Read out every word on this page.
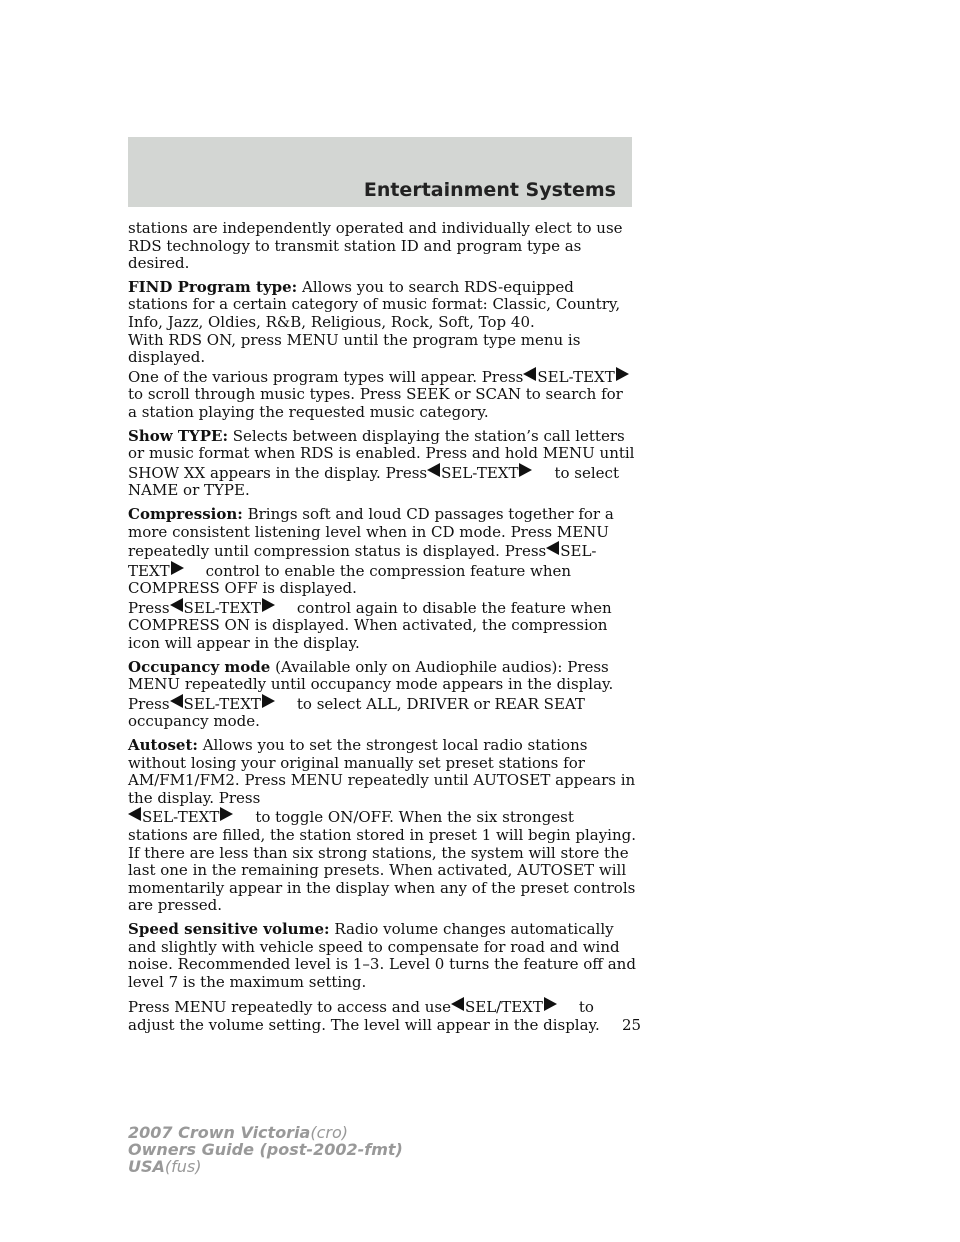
Entertainment Systems

stations are independently operated and individually elect to use RDS technology to transmit station ID and program type as desired.

FIND Program type: Allows you to search RDS-equipped stations for a certain category of music format: Classic, Country, Info, Jazz, Oldies, R&B, Religious, Rock, Soft, Top 40.
With RDS ON, press MENU until the program type menu is displayed.
One of the various program types will appear. Press SEL-TEXT to scroll through music types. Press SEEK or SCAN to search for a station playing the requested music category.

Show TYPE: Selects between displaying the station’s call letters or music format when RDS is enabled. Press and hold MENU until SHOW XX appears in the display. Press SEL-TEXT to select NAME or TYPE.

Compression: Brings soft and loud CD passages together for a more consistent listening level when in CD mode. Press MENU repeatedly until compression status is displayed. Press SEL-TEXT control to enable the compression feature when COMPRESS OFF is displayed.
Press SEL-TEXT control again to disable the feature when COMPRESS ON is displayed. When activated, the compression icon will appear in the display.

Occupancy mode (Available only on Audiophile audios): Press MENU repeatedly until occupancy mode appears in the display.
Press SEL-TEXT to select ALL, DRIVER or REAR SEAT occupancy mode.

Autoset: Allows you to set the strongest local radio stations without losing your original manually set preset stations for AM/FM1/FM2. Press MENU repeatedly until AUTOSET appears in the display. Press
SEL-TEXT to toggle ON/OFF. When the six strongest stations are filled, the station stored in preset 1 will begin playing. If there are less than six strong stations, the system will store the last one in the remaining presets. When activated, AUTOSET will momentarily appear in the display when any of the preset controls are pressed.

Speed sensitive volume: Radio volume changes automatically and slightly with vehicle speed to compensate for road and wind noise. Recommended level is 1–3. Level 0 turns the feature off and level 7 is the maximum setting.

Press MENU repeatedly to access and use SEL/TEXT to adjust the volume setting. The level will appear in the display.	25
2007 Crown Victoria(cro)
Owners Guide (post-2002-fmt)
USA(fus)
